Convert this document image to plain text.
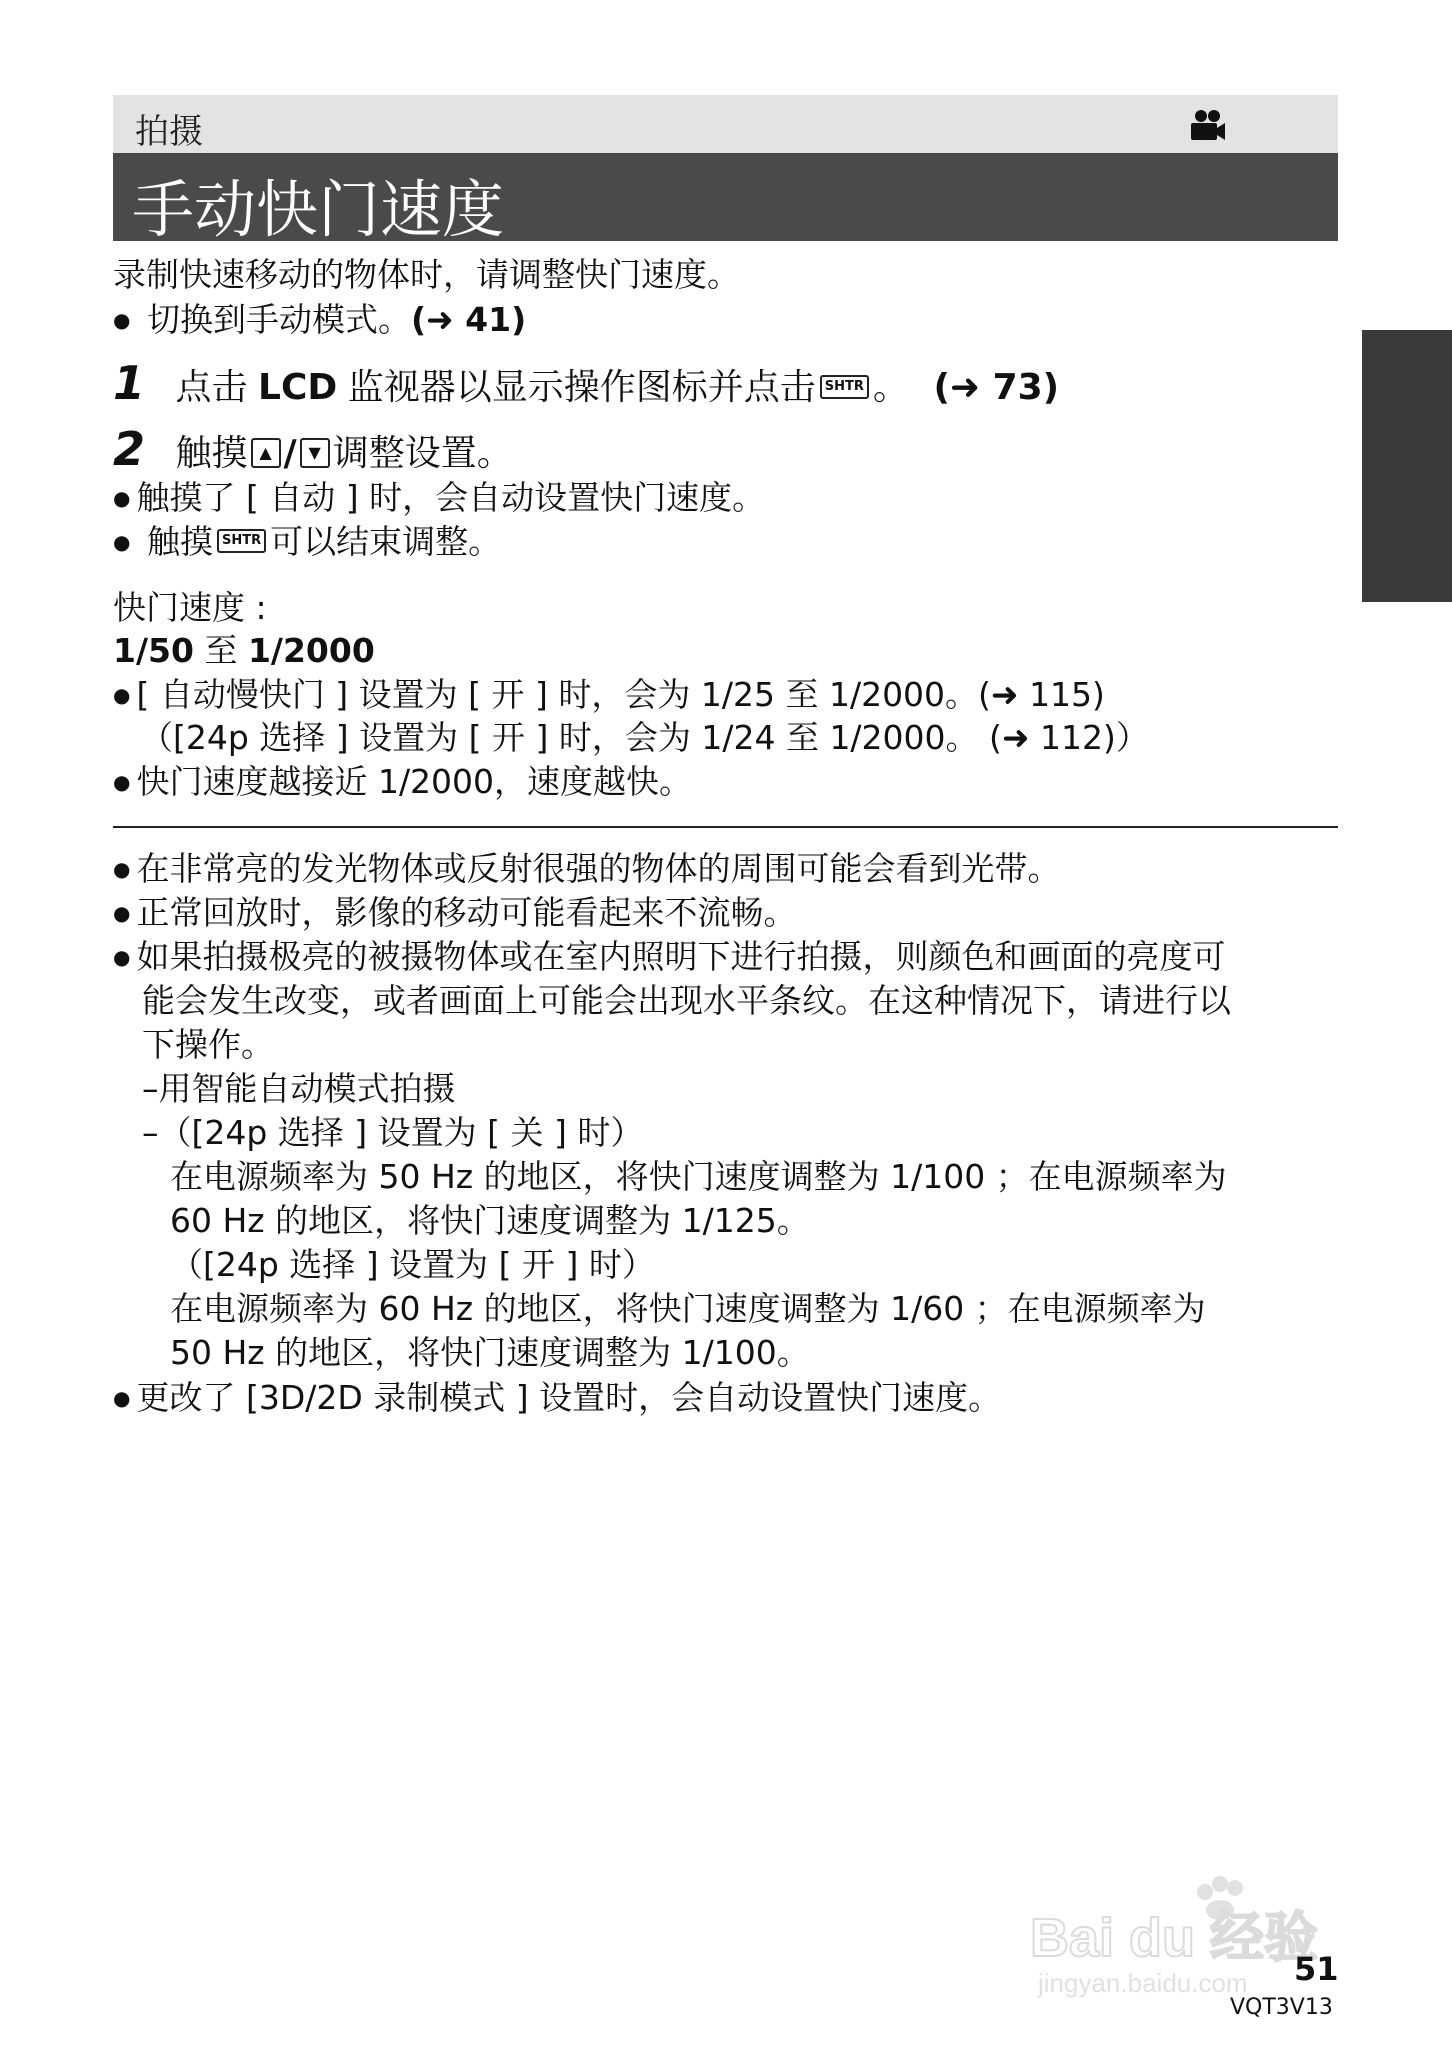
拍摄
手动快门速度
录制快速移动的物体时，请调整快门速度。
● 切换到手动模式。(➜ 41)
1 点击 LCD 监视器以显示操作图标并点击 SHTR 。 (➜ 73)
2 触摸 ▲ / ▼ 调整设置。
● 触摸了 [ 自动 ] 时，会自动设置快门速度。
● 触摸 SHTR 可以结束调整。
快门速度 :
1/50 至 1/2000
● [ 自动慢快门 ] 设置为 [ 开 ] 时，会为 1/25 至 1/2000。(➜ 115)
（[24p 选择 ] 设置为 [ 开 ] 时，会为 1/24 至 1/2000。 (➜ 112)）
● 快门速度越接近 1/2000，速度越快。
● 在非常亮的发光物体或反射很强的物体的周围可能会看到光带。
● 正常回放时，影像的移动可能看起来不流畅。
● 如果拍摄极亮的被摄物体或在室内照明下进行拍摄，则颜色和画面的亮度可
能会发生改变，或者画面上可能会出现水平条纹。在这种情况下，请进行以
下操作。
–用智能自动模式拍摄
–（[24p 选择 ] 设置为 [ 关 ] 时）
在电源频率为 50 Hz 的地区，将快门速度调整为 1/100 ；在电源频率为
60 Hz 的地区，将快门速度调整为 1/125。
（[24p 选择 ] 设置为 [ 开 ] 时）
在电源频率为 60 Hz 的地区，将快门速度调整为 1/60 ；在电源频率为
50 Hz 的地区，将快门速度调整为 1/100。
● 更改了 [3D/2D 录制模式 ] 设置时，会自动设置快门速度。
Bai du 经验
jingyan.baidu.com 51
VQT3V13
